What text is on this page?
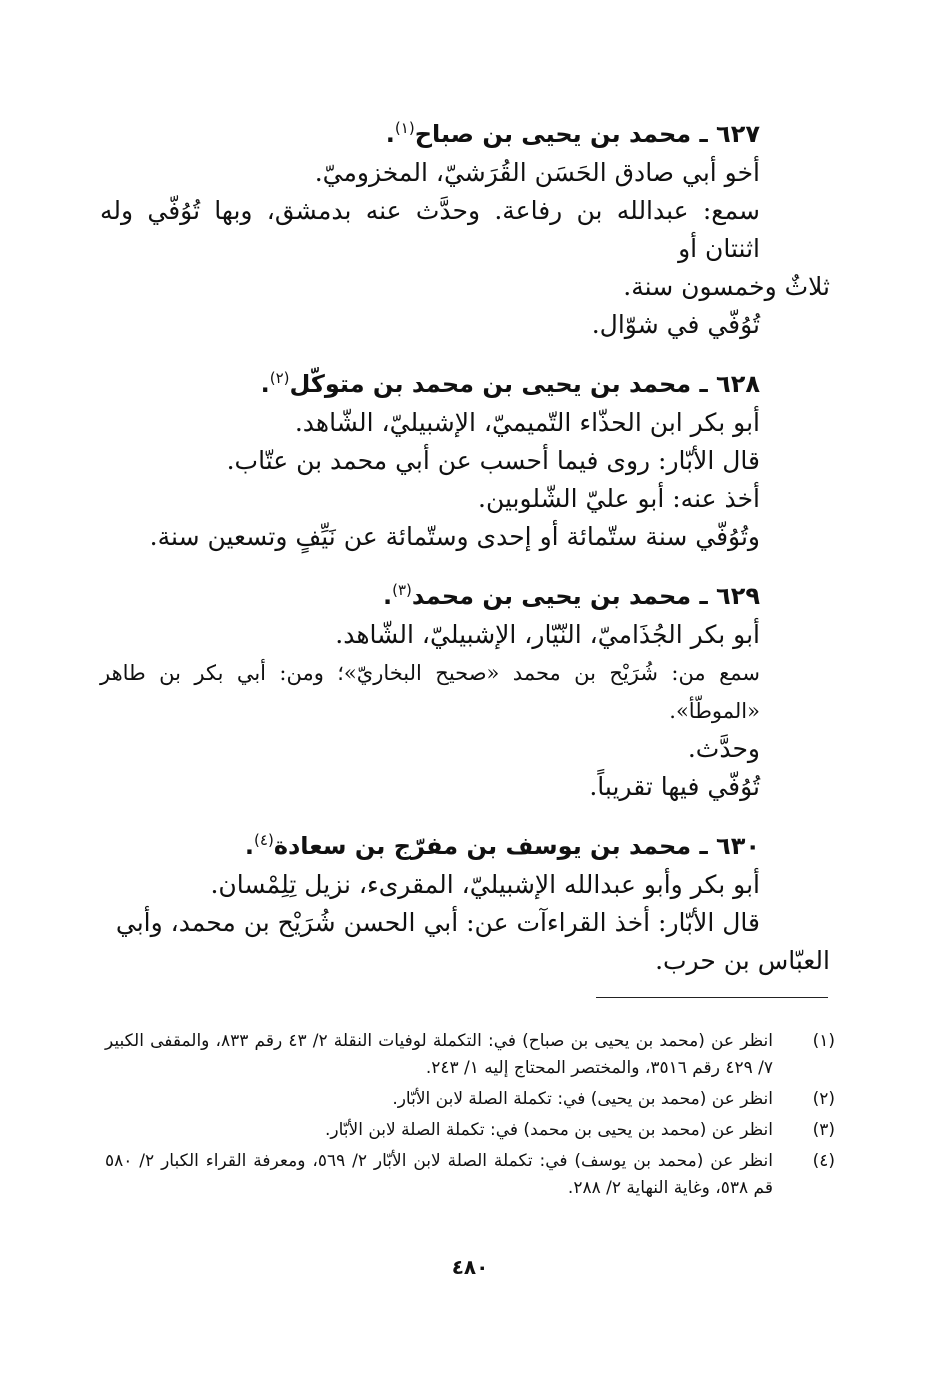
٦٢٧ ـ محمد بن يحيى بن صباح$^{(١)}$.
أخو أبي صادق الحَسَن القُرَشيّ، المخزوميّ.
سمع: عبدالله بن رفاعة. وحدَّث عنه بدمشق، وبها تُوُفّي وله اثنتان أو
ثلاثٌ وخمسون سنة.
تُوُفّي في شوّال.
٦٢٨ ـ محمد بن يحيى بن محمد بن متوكّل$^{(٢)}$.
أبو بكر ابن الحذّاء التّميميّ، الإشبيليّ، الشّاهد.
قال الأبّار: روى فيما أحسب عن أبي محمد بن عتّاب.
أخذ عنه: أبو عليّ الشّلوبين.
وتُوُفّي سنة ستّمائة أو إحدى وستّمائة عن نَيِّفٍ وتسعين سنة.
٦٢٩ ـ محمد بن يحيى بن محمد$^{(٣)}$.
أبو بكر الجُذَاميّ، النّيّار، الإشبيليّ، الشّاهد.
سمع من: شُرَيْح بن محمد «صحيح البخاريّ»؛ ومن: أبي بكر بن طاهر «الموطّأ».
وحدَّث.
تُوُفّي فيها تقريباً.
٦٣٠ ـ محمد بن يوسف بن مفرّج بن سعادة$^{(٤)}$.
أبو بكر وأبو عبدالله الإشبيليّ، المقرىء، نزيل تِلِمْسان.
قال الأبّار: أخذ القراءآت عن: أبي الحسن شُرَيْح بن محمد، وأبي
العبّاس بن حرب.
(١)
انظر عن (محمد بن يحيى بن صباح) في: التكملة لوفيات النقلة ٢/ ٤٣ رقم ٨٣٣، والمقفى الكبير ٧/ ٤٢٩ رقم ٣٥١٦، والمختصر المحتاج إليه ١/ ٢٤٣.
(٢)
انظر عن (محمد بن يحيى) في: تكملة الصلة لابن الأبّار.
(٣)
انظر عن (محمد بن يحيى بن محمد) في: تكملة الصلة لابن الأبّار.
(٤)
انظر عن (محمد بن يوسف) في: تكملة الصلة لابن الأبّار ٢/ ٥٦٩، ومعرفة القراء الكبار ٢/ ٥٨٠ قم ٥٣٨، وغاية النهاية ٢/ ٢٨٨.
٤٨٠
